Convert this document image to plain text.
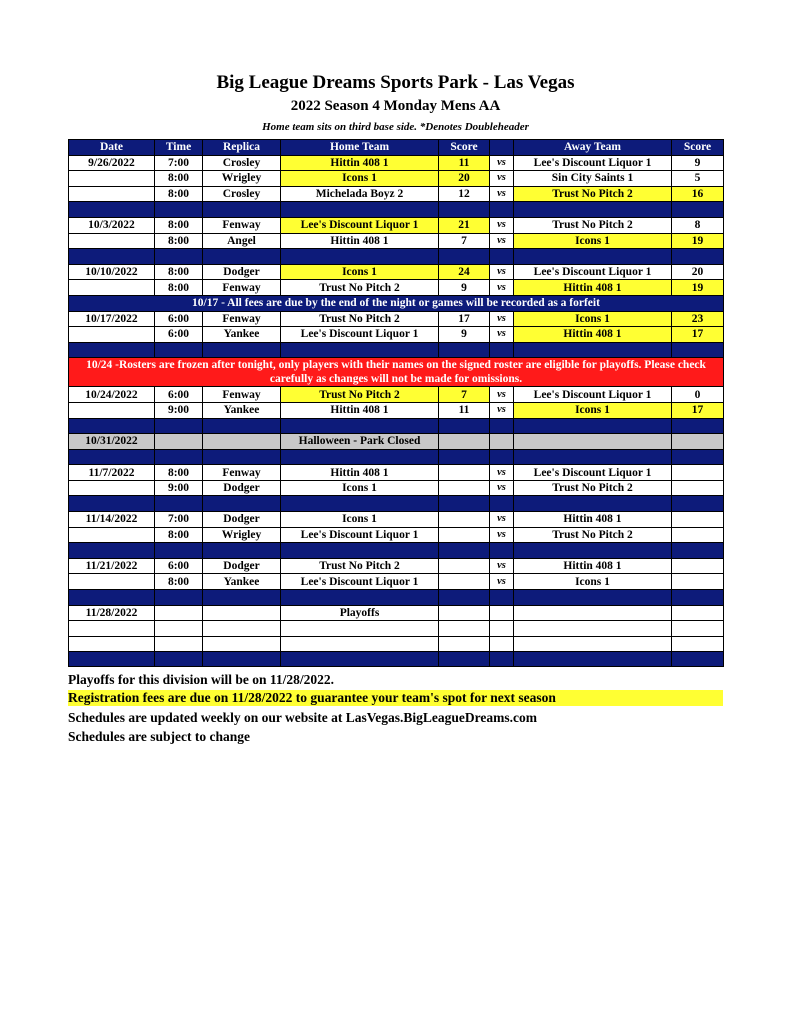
Big League Dreams Sports Park - Las Vegas
2022 Season 4 Monday Mens AA
Home team sits on third base side. *Denotes Doubleheader
Date	Time	Replica	Home Team	Score		Away Team	Score
9/26/2022	7:00	Crosley	Hittin 408 1	11	vs	Lee's Discount Liquor 1	9
	8:00	Wrigley	Icons 1	20	vs	Sin City Saints 1	5
	8:00	Crosley	Michelada Boyz 2	12	vs	Trust No Pitch 2	16

10/3/2022	8:00	Fenway	Lee's Discount Liquor 1	21	vs	Trust No Pitch 2	8
	8:00	Angel	Hittin 408 1	7	vs	Icons 1	19

10/10/2022	8:00	Dodger	Icons 1	24	vs	Lee's Discount Liquor 1	20
	8:00	Fenway	Trust No Pitch 2	9	vs	Hittin 408 1	19
10/17 - All fees are due by the end of the night or games will be recorded as a forfeit							
10/17/2022	6:00	Fenway	Trust No Pitch 2	17	vs	Icons 1	23
	6:00	Yankee	Lee's Discount Liquor 1	9	vs	Hittin 408 1	17

10/24 -Rosters are frozen after tonight, only players with their names on the signed roster are eligible for playoffs. Please check carefully as changes will not be made for omissions.							
10/24/2022	6:00	Fenway	Trust No Pitch 2	7	vs	Lee's Discount Liquor 1	0
	9:00	Yankee	Hittin 408 1	11	vs	Icons 1	17

10/31/2022			Halloween - Park Closed				

11/7/2022	8:00	Fenway	Hittin 408 1		vs	Lee's Discount Liquor 1	
	9:00	Dodger	Icons 1		vs	Trust No Pitch 2	

11/14/2022	7:00	Dodger	Icons 1		vs	Hittin 408 1	
	8:00	Wrigley	Lee's Discount Liquor 1		vs	Trust No Pitch 2	

11/21/2022	6:00	Dodger	Trust No Pitch 2		vs	Hittin 408 1	
	8:00	Yankee	Lee's Discount Liquor 1		vs	Icons 1	

11/28/2022			Playoffs				

Playoffs for this division will be on 11/28/2022.
Registration fees are due on 11/28/2022 to guarantee your team's spot for next season
Schedules are updated weekly on our website at LasVegas.BigLeagueDreams.com
Schedules are subject to change
